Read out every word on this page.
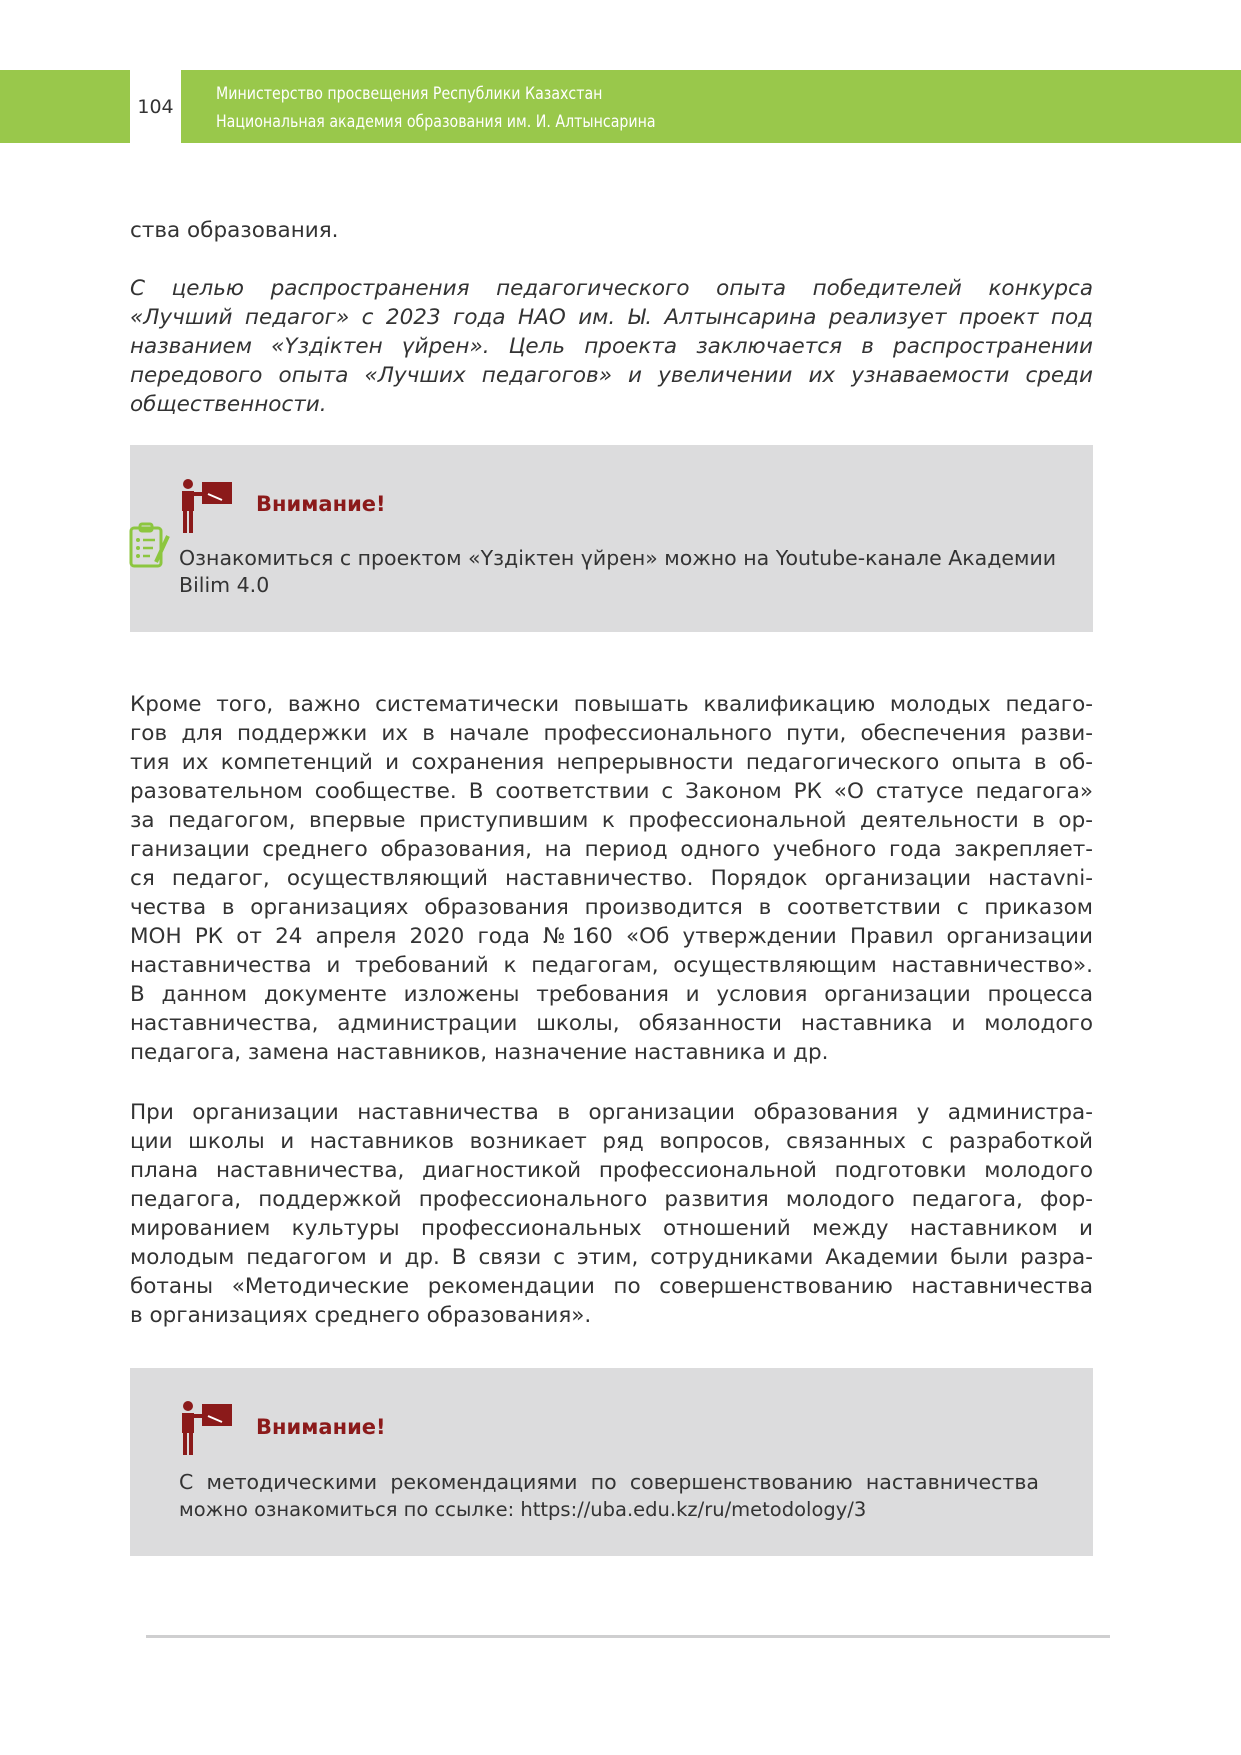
104
Министерство просвещения Республики Казахстан
Национальная академия образования им. И. Алтынсарина

ства образования.

С целью распространения педагогического опыта победителей конкурса
«Лучший педагог» с 2023 года НАО им. Ы. Алтынсарина реализует проект под
названием «Үздіктен үйрен». Цель проекта заключается в распространении
передового опыта «Лучших педагогов» и увеличении их узнаваемости среди
общественности.
Внимание!
Ознакомиться с проектом «Үздіктен үйрен» можно на Youtube-канале Академии
Bilim 4.0
Кроме того, важно систематически повышать квалификацию молодых педаго-
гов для поддержки их в начале профессионального пути, обеспечения разви-
тия их компетенций и сохранения непрерывности педагогического опыта в об-
разовательном сообществе. В соответствии с Законом РК «О статусе педагога»
за педагогом, впервые приступившим к профессиональной деятельности в ор-
ганизации среднего образования, на период одного учебного года закрепляет-
ся педагог, осуществляющий наставничество. Порядок организации настavni-
чества в организациях образования производится в соответствии с приказом
МОН РК от 24 апреля 2020 года №160 «Об утверждении Правил организации
наставничества и требований к педагогам, осуществляющим наставничество».
В данном документе изложены требования и условия организации процесса
наставничества, администрации школы, обязанности наставника и молодого
педагога, замена наставников, назначение наставника и др.
При организации наставничества в организации образования у администра-
ции школы и наставников возникает ряд вопросов, связанных с разработкой
плана наставничества, диагностикой профессиональной подготовки молодого
педагога, поддержкой профессионального развития молодого педагога, фор-
мированием культуры профессиональных отношений между наставником и
молодым педагогом и др. В связи с этим, сотрудниками Академии были разра-
ботаны «Методические рекомендации по совершенствованию наставничества
в организациях среднего образования».
Внимание!
С методическими рекомендациями по совершенствованию наставничества
можно ознакомиться по ссылке: https://uba.edu.kz/ru/metodology/3
